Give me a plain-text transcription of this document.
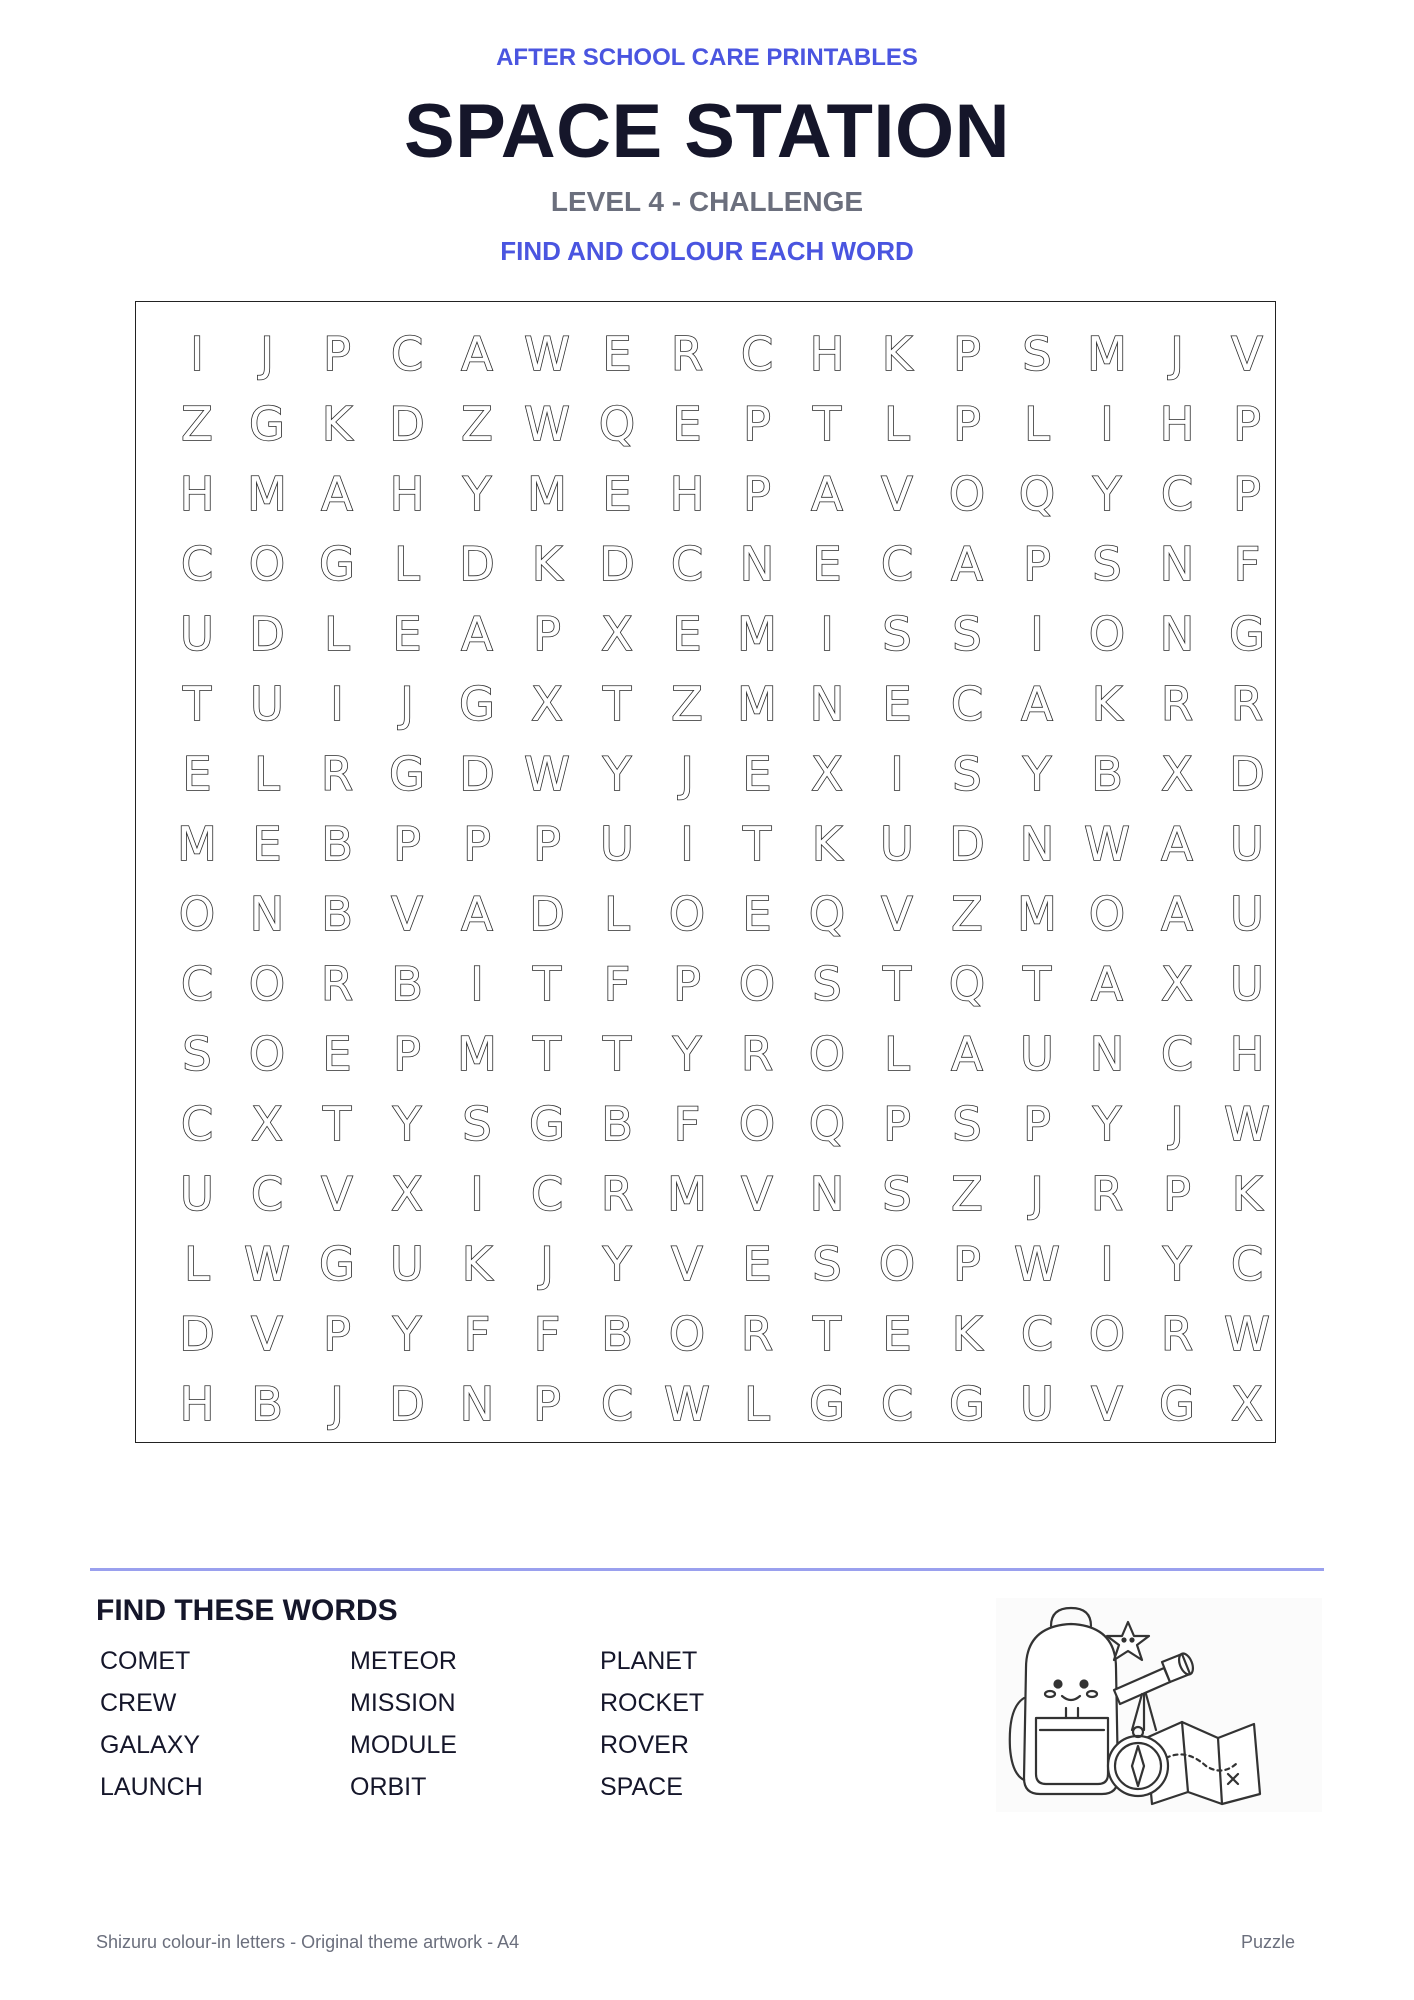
AFTER SCHOOL CARE PRINTABLES
SPACE STATION
LEVEL 4 - CHALLENGE
FIND AND COLOUR EACH WORD
I	J	P C A W E R C H K P S M J	V
Z G K D Z W Q E P T L P L	I H P
H M A H Y M E H P A V O Q Y C P
C O G L D K D C N E C A P S N F
U D L E A P X E M I	S S	I O N G
T U	I	J G X T Z M N E C A K R R
E L R G D W Y	J	E X	I	S Y B X D
M E B P P P U	I	T K U D N W A U
O N B V A D L O E Q V Z M O A U
C O R B	I	T F P O S T Q T A X U
S O E P M T T Y R O L A U N C H
C X T Y S G B F O Q P S P Y	J W
U C V X	I	C R M V N S Z	J	R P K
L W G U K	J	Y V E S O P W I	Y C
D V P Y F F B O R T E K C O R W
H B	J D N P C W L G C G U V G X
FIND THESE WORDS
COMET
CREW
GALAXY
LAUNCH
METEOR
MISSION
MODULE
ORBIT
PLANET
ROCKET
ROVER
SPACE
Shizuru colour-in letters - Original theme artwork - A4	Puzzle
